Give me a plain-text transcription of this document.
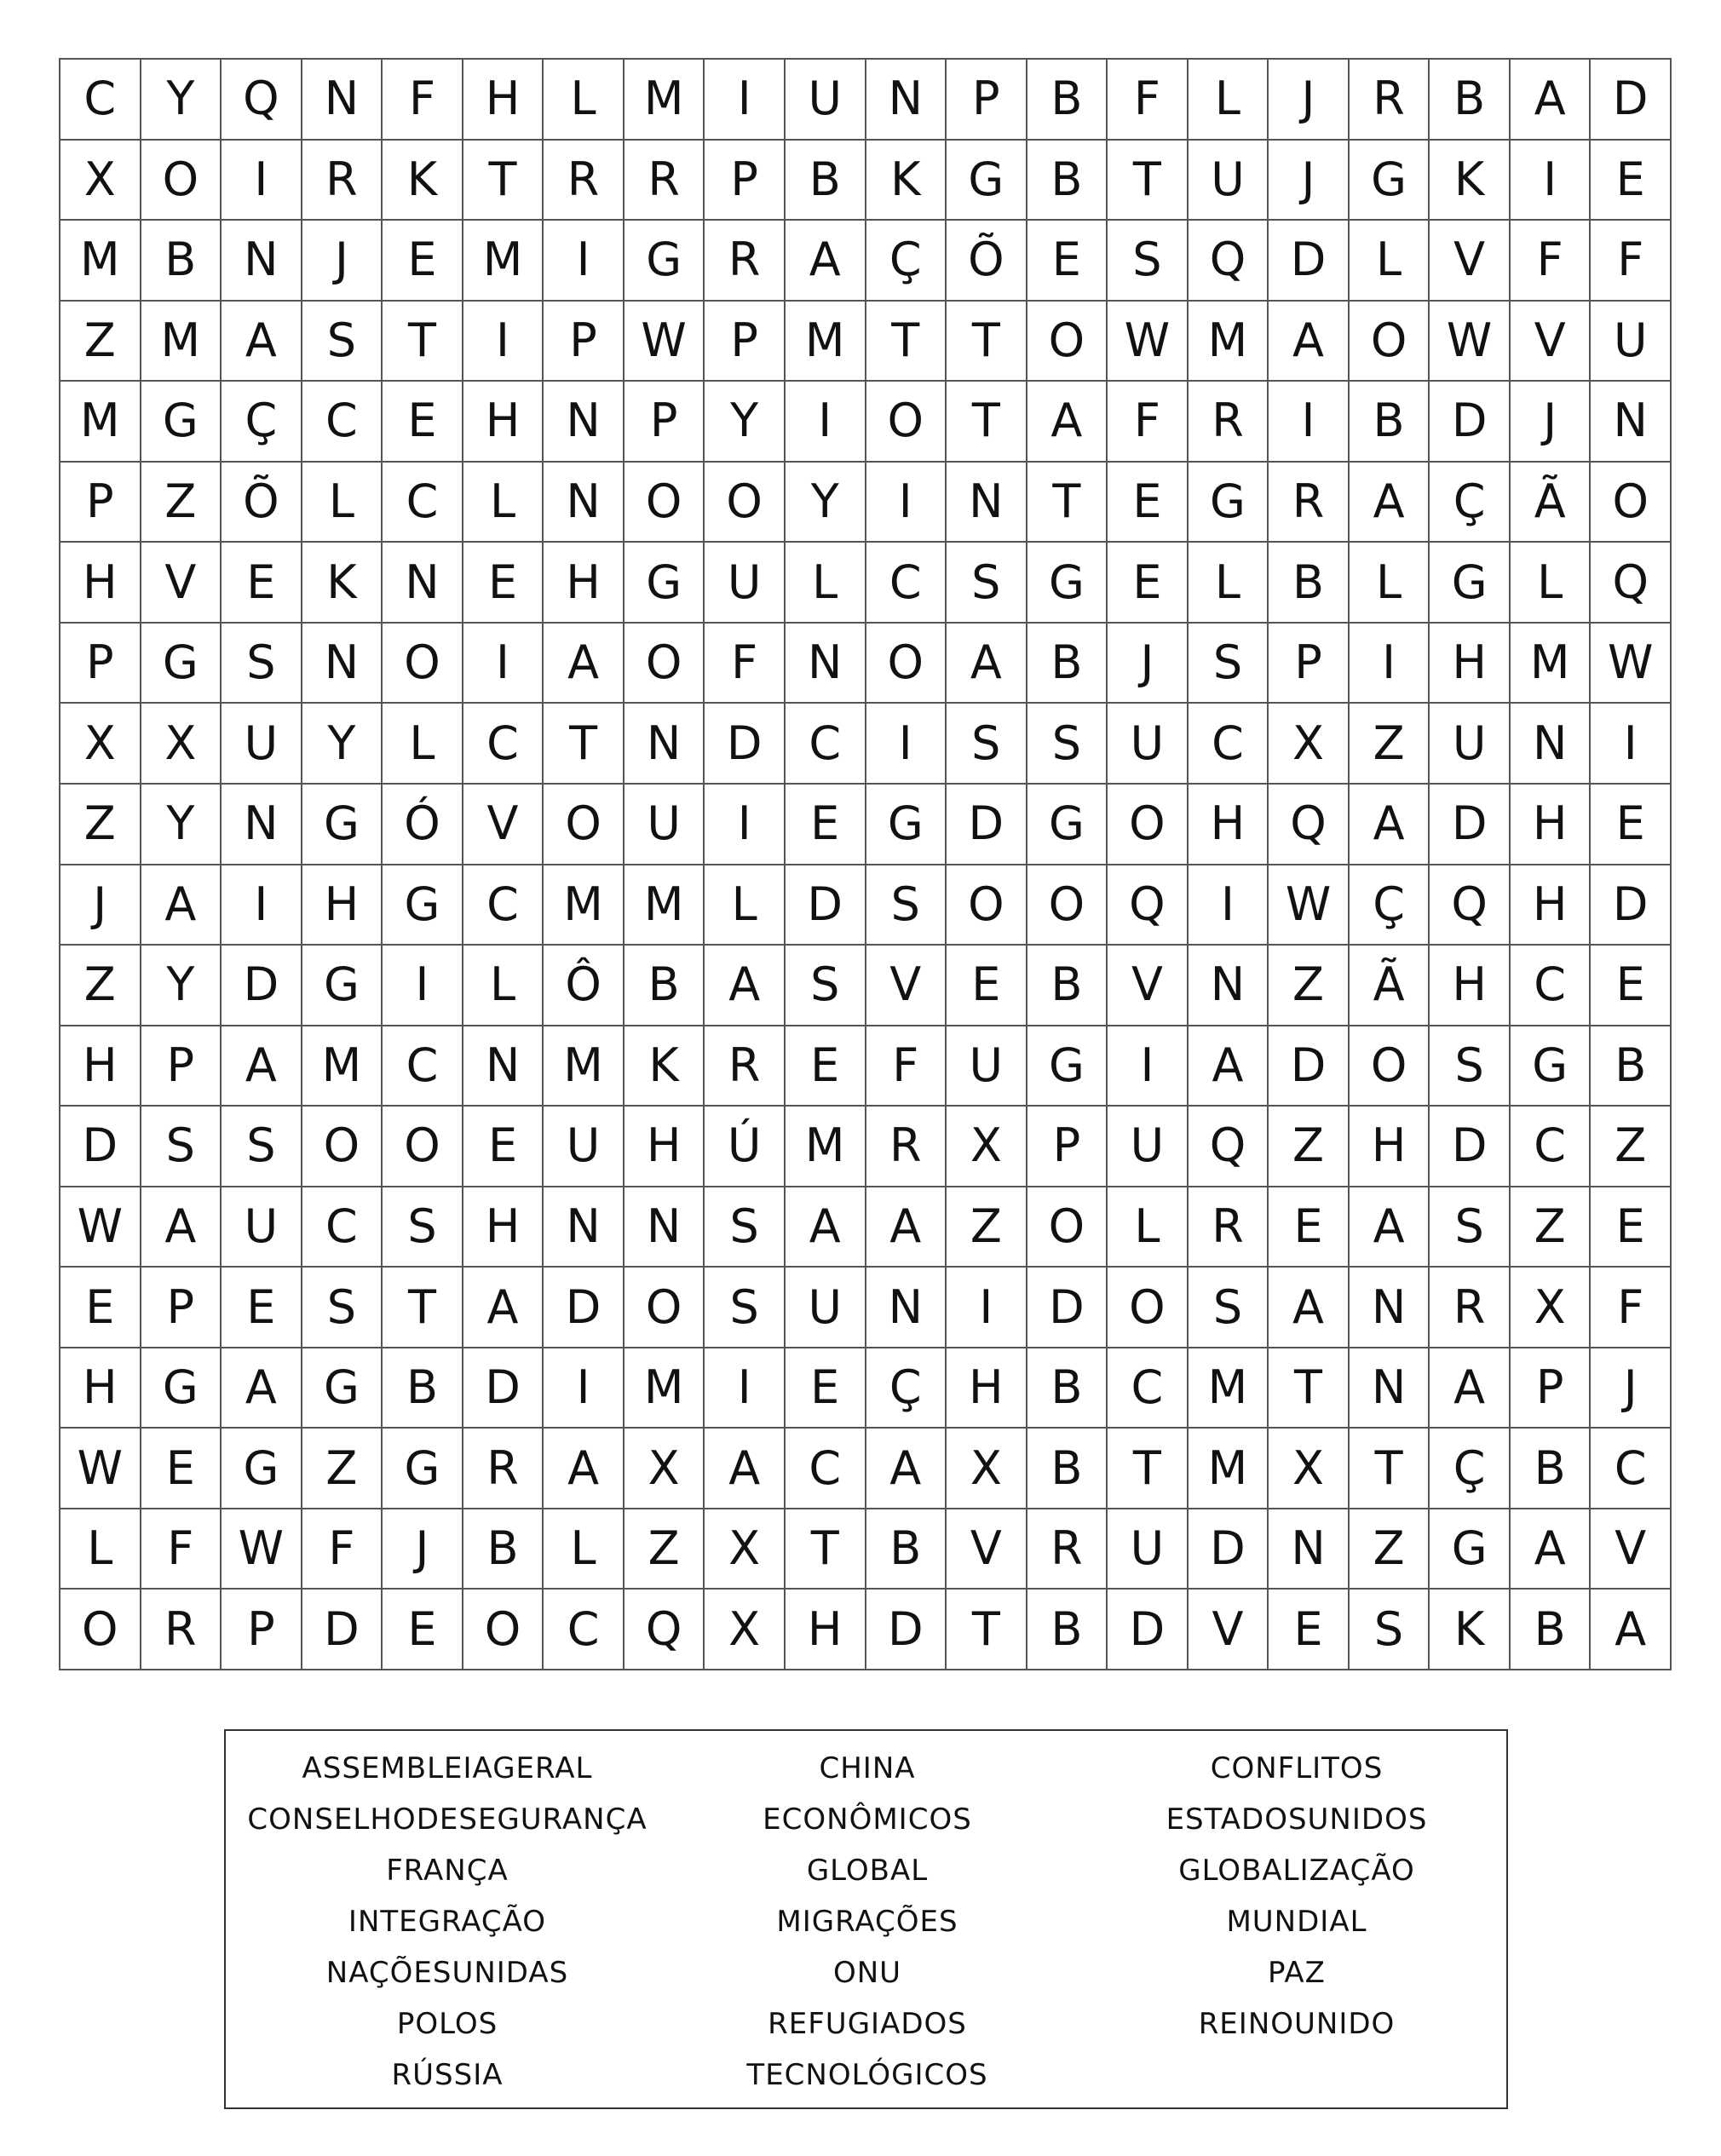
C	Y	Q N	F	H	L	M	I	U	N	P	B	F	L	J	R	B	A	D
X	O	I	R	K	T	R	R	P	B	K	G	B	T	U	J	G	K	I	E
M B	N	J	E	M	I	G	R	A	Ç	Õ	E	S	Q D	L	V	F	F
Z M A	S	T	I	P W P	M	T	T	O W M A	O W V	U
M G	Ç	C	E	H	N	P	Y	I	O	T	A	F	R	I	B	D	J	N
P	Z	Õ	L	C	L	N O O	Y	I	N	T	E	G	R	A	Ç	Ã	O
H	V	E	K	N	E	H G U	L	C	S	G	E	L	B	L	G	L	Q
P	G	S	N O	I	A	O	F	N O	A	B	J	S	P	I	H M W
X	X	U	Y	L	C	T	N D	C	I	S	S	U	C	X	Z	U	N	I
Z	Y	N G Ó	V	O U	I	E	G D G O H Q	A	D H	E
J	A	I	H G	C M M	L	D	S	O O Q	I	W Ç	Q H D
Z	Y	D G	I	L	Ô	B	A	S	V	E	B	V	N	Z	Ã	H	C	E
H	P	A M C	N M K	R	E	F	U G	I	A	D O	S	G	B
D	S	S	O O	E	U	H	Ú M R	X	P	U Q	Z	H D	C	Z
W A	U	C	S	H	N	N	S	A	A	Z	O	L	R	E	A	S	Z	E
E	P	E	S	T	A	D O	S	U	N	I	D O	S	A	N	R	X	F
H G	A	G	B	D	I	M	I	E	Ç	H	B	C M	T	N	A	P	J
W E	G	Z	G	R	A	X	A	C	A	X	B	T	M X	T	Ç	B	C
L	F W F	J	B	L	Z	X	T	B	V	R	U	D N	Z	G	A	V
O	R	P	D	E	O	C	Q	X	H D	T	B	D	V	E	S	K	B	A
ASSEMBLEIAGERAL
CONSELHODESEGURANÇA
FRANÇA
INTEGRAÇÃO
NAÇÕESUNIDAS
POLOS
RÚSSIA
CHINA
ECONÔMICOS
GLOBAL
MIGRAÇÕES
ONU
REFUGIADOS
TECNOLÓGICOS
CONFLITOS
ESTADOSUNIDOS
GLOBALIZAÇÃO
MUNDIAL
PAZ
REINOUNIDO
